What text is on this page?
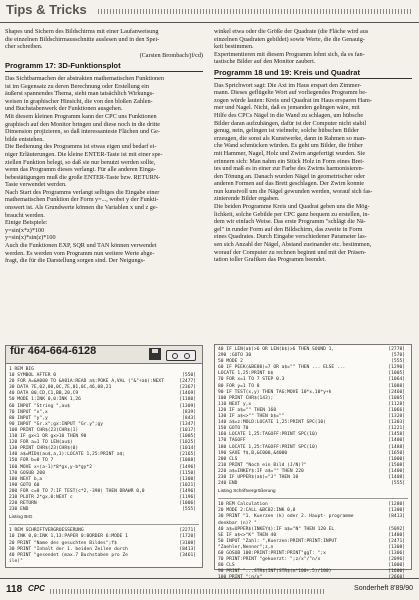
Tips & Tricks

Shapes und Sichern des Bildschirms mit einer Laufanweisung

die einzelnen Bildschirmausschnitte auslesen und in den Spei-

cher schreiben.

(Carsten Brombach/jf/cd)

Programm 17: 3D-Funktionsplot

Das Sichtbarmachen der abstrakten mathematischen Funktionen

ist im Gegensatz zu deren Berechnung oder Erstellung ein

äußerst spannendes Thema, sieht man tatsächlich Wirkungs-

weisen in graphischer Hinsicht, die von den bloßen Zahlen-

und Buchstabenwerk der Funktionen ausgehen.

Mit diesem kleinen Programm kann der CPC uns Funktionen

graphisch auf den Monitor bringen und diese noch in die dritte

Dimension projizieren, so daß interessanteste Flächen und Ge-

bilde entstehen.

Die Bedienung des Programms ist etwas eigen und bedarf ei-

niger Erläuterungen. Die kleine ENTER-Taste ist mit einer spe-

ziellen Funktion belegt, so daß sie nur benutzt werden sollte,

wenn das Programm dieses verlangt. Für alle anderen Einga-

bebestätigungen muß die große ENTER-Taste bzw. RETURN-

Taste verwendet werden.

Nach Start des Programms verlangt selbiges die Eingabe einer

mathematischen Funktion der Form y=..., wobei y der Funkti-

onswert ist. Als Grundwerte können die Variablen x und z ge-

braucht werden.

Einige Beispiele:

y=sin(x*z)*100

y=sin(x)*sin(z)*100

Auch die Funktionen EXP, SQR und TAN können verwendet

werden. Es werden vom Programm nun weitere Werte abge-

fragt, die für die Darstellung sorgen sind. Der Neigungs-

winkel etwa oder die Größe der Quadrate (die Fläche wird aus

einzelnen Quadraten gebildet) sowie Werte, die die Genauig-

keit bestimmen.

Experimentieren mit diesem Programm lohnt sich, da es fan-

tastische Bilder auf den Monitor zaubert.

Programm 18 und 19: Kreis und Quadrat

Das Sprichwort sagt: Die Axt im Haus erspart den Zimmer-

mann. Dieses geflügelte Wort auf vorliegendes Programm be-

zogen würde lauten: Kreis und Quadrat im Haus ersparen Ham-

mer und Nagel. Nicht, daß es jemanden gelingen wäre, mit

Hilfe des CPCs Nägel in die Wand zu schlagen, um hübsche

Bilder daran aufzuhängen, dafür ist der Computer nicht stabil

genug, nein, gelingen ist vielmehr, solche hübschen Bilder

erzeugen, die sonst als Kunstwerke, dann in Rahmen so man-

che Wand schmücken würden. Es geht um Bilder, die früher

mit Hammer, Nagel, Holz und Zwirn angefertigt wurden. Sie

erinnern sich: Man nahm ein Stück Holz in Form eines Bret-

tes und maß es in einer zur Farbe des Zwirns harmonisieren-

den Tönung an. Danach wurden Nägel in geometrischer oder

anderen Formen auf das Brett geschlagen. Der Zwirn konnte

nun kunstvoll um die Nägel gewunden werden, worauf sich fas-

zinierende Bilder ergaben.

Die beiden Programme Kreis und Quadrat geben uns die Mög-

lichkeit, solche Gebilde per CPC ganz bequem zu erstellen, in-

dem wir einfach Weise. Das erste Programm "schlägt die Nä-

gel" in runder Form auf den Bildschirm, das zweite in Form

eines Quadrates. Durch Eingabe verschiedener Parameter las-

sen sich Anzahl der Nägel, Abstand zueinander etc. bestimmen,

worauf der Computer zu rechnen beginnt und mit der Präsen-

tation toller Grafiken das Programm beendet.

für 464-664-6128
1 REM BIG
10 SYMBOL AFTER 0	[550]
20 FOR A=&A000 TO &A01A:READ a$:POKE A,VAL ("&"+a$):NEXT	[2477]
30 DATA 7E,02,00,0C,7E,01,0C,46,08,21	[2367]
40 DATA 00,CD,C1,BB,20,C9	[1469]
50 MODE 1:INK 0,0:INK 1,26	[1180]
60 INPUT "String ",au$	[1309]
70 INPUT "x",x	[839]
80 INPUT "y",y	[843]
90 INPUT "Gr.x";gx:INPUT "Gr.y";gy	[1347]
100 PRINT CHR$(23)CHR$(1)	[1017]
110 IF gx<1 OR gx>10 THEN 90	[1005]
120 FOR a=1 TO LEN(au$)	[1025]
130 PRINT CHR$(23)CHR$(0)	[1014]
140 a$=MID$(au$,a,1):LOCATE 1,25:PRINT a$;	[2165]
150 FOR b=0 TO 7	[1088]
160 MOVE x+(a-1)*8*gx,y-b*gy*2	[1496]
170 GOSUB 200	[1150]
180 NEXT b,a	[1300]
190 GOTO 60	[1021]
200 FOR c=0 TO 7:IF TEST(c*2,-398) THEN DRAWR 0,0	[1496]
210 PLOTR 2*gx,0:NEXT c	[1196]
220 RETURN	[1006]
230 END	[555]
Listing BIG
1 REM SCHRIFTVERGROESSERUNG	[2271]
10 INK 0,0:INK 1,13:PAPER 0:BORDER 6:MODE 1	[1720]
20 PRINT "Name des gesuchten Bildes";f$	[3108]
30 PRINT "Inhalt der 1. beiden Zeilen durch	[8413]
40 PRINT "gesendet (max.7 Buchstaben pro Ze	[3461]
ile)"
40 IF LEN(a$)>6 OR LEN(b$)>6 THEN SOUND 1,	[2778]
290 :GOTO 30	[570]
50 MODE 2	[555]
60 IF PEEK(&BE80)=7 OR a$="" THEN ... ELSE ...	[1290]
LOCATE 1,25:PRINT b$	[1005]
70 FOR x=1 TO 7 STEP 0.3	[1064]
80 FOR y=1 TO 8	[1088]
90 IF TEST(x,y) THEN TAG:MOVE 10*x,10*y+h	[2460]
100 PRINT CHR$(143);	[1005]
110 NEXT y,x	[1128]
120 IF a$="" THEN 160	[1066]
130 IF a$<>"" THEN b$=""	[1320]
140 a$=z:MOLD:LOCATE 1,25:PRINT SPC(10)	[1303]
150 GOTO 70	[1221]
160 LOCATE 1,25:TAGOFF:PRINT SPC(10)	[1458]
170 TAGOFF	[1400]
180 LOCATE 1,25:TAGOFF:PRINT SPC(10)	[1488]
190 SAVE f$,B,&C000,&4000	[1650]
200 CLS	[1000]
210 PRINT "Noch ein Bild (J/N)?"	[1508]
220 a$=INKEY$:IF a$="" THEN 220	[1400]
230 IF UPPER$(a$)="J" THEN 10	[1408]
240 END	[555]
Listing Schriftvergrößerung
10 REM Calculation	[1280]
20 MODE 2:CALL &BC02:INK 0,0	[1300]
30 PRINT "1. Kuerzen (k) oder 2. Haupt- programme	[8413]
denkbar (n)? "
40 a$=UPPER$(INKEY$):IF a$="N" THEN 120 EL	[5092]
SE IF a$<>"K" THEN 40	[1400]
50 INPUT "Zahl: ",Kuerzen:PRINT:PRINT:INPUT	[2471]
"Zaehler,Nenner";z,n	[1308]
60 GOSUB 100:PRINT:PRINT:PRINT"ggT: ";x	[1306]
70 PRINT:PRINT "gekuerzt: ";z/x"/"n/x	[2096]
80 CLS	[1000]
90 PRINT "...STR$(INT(STR$(m*100+.5)/100)	[1600]
100 PRINT ":n/x"	[2660]
118 CPC	Sonderheft 8'89/90
